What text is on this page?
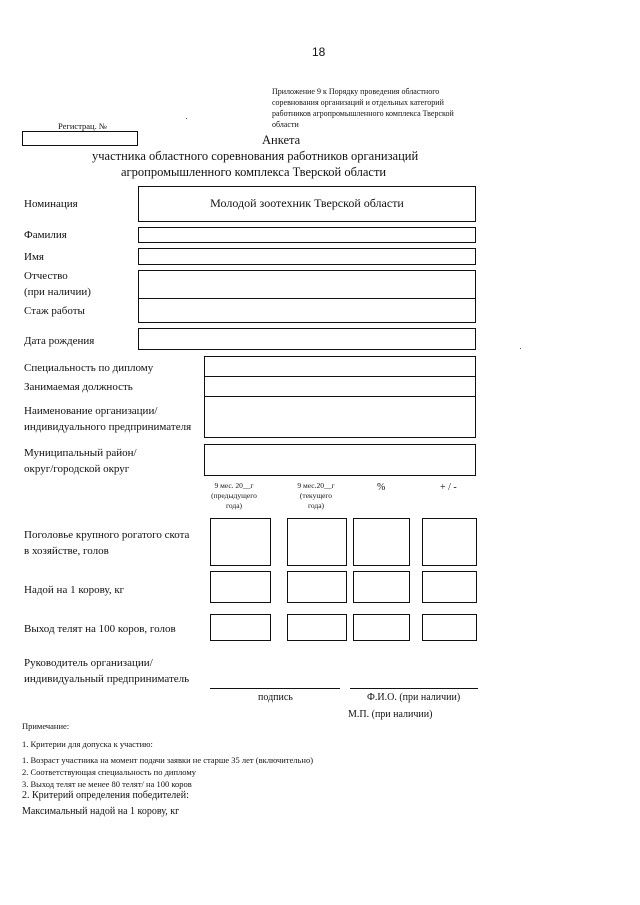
18
Приложение 9 к Порядку проведения областного
соревнования организаций и отдельных категорий
работников агропромышленного комплекса Тверской
области
Регистрац. №
Анкета
участника областного соревнования работников организаций
агропромышленного комплекса Тверской области
Номинация	Молодой зоотехник Тверской области
Фамилия
Имя
Отчество
(при наличии)
Стаж работы
Дата рождения
Специальность по диплому
Занимаемая должность
Наименование организации/
индивидуального предпринимателя
Муниципальный район/
округ/городской округ
9 мес. 20__г
(предыдущего
года)
9 мес.20__г
(текущего
года)
%	+ / -
Поголовье крупного рогатого скота
в хозяйстве, голов
Надой на 1 корову, кг
Выход телят на 100 коров, голов
Руководитель организации/
индивидуальный предприниматель
подпись	Ф.И.О. (при наличии)
М.П. (при наличии)
Примечание:
1. Критерии для допуска к участию:
1. Возраст участника на момент подачи заявки не старше 35 лет (включительно)
2. Соответствующая специальность по диплому
3. Выход телят не менее 80 телят/ на 100 коров
2. Критерий определения победителей:
Максимальный надой на 1 корову, кг
